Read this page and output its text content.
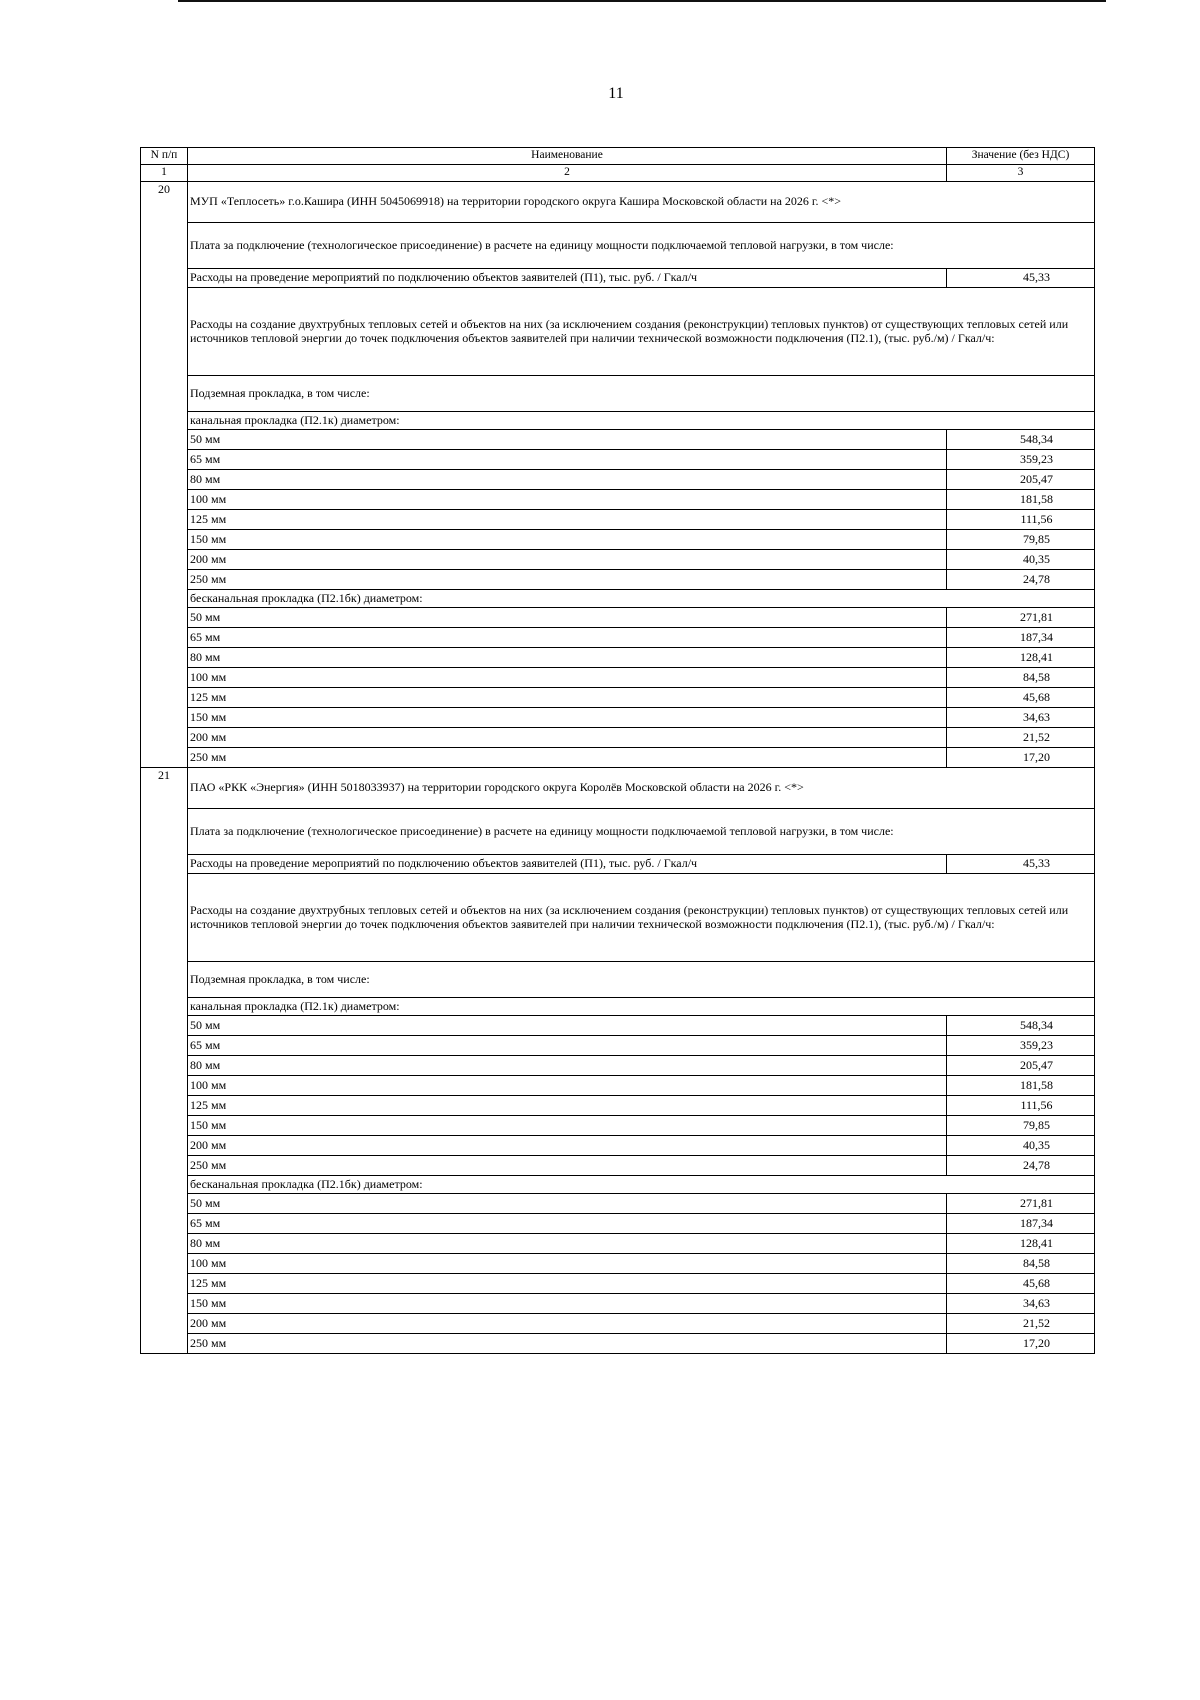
11
N п/п	Наименование	Значение (без НДС)
1	2	3
20	МУП «Теплосеть» г.о.Кашира (ИНН 5045069918) на территории городского округа Кашира Московской области на 2026 г. <*>	
	Плата за подключение (технологическое присоединение) в расчете на единицу мощности подключаемой тепловой нагрузки, в том числе:	
	Расходы на проведение мероприятий по подключению объектов заявителей (П1), тыс. руб. / Гкал/ч	45,33
	Расходы на создание двухтрубных тепловых сетей и объектов на них (за исключением создания (реконструкции) тепловых пунктов) от существующих тепловых сетей или источников тепловой энергии до точек подключения объектов заявителей при наличии технической возможности подключения (П2.1), (тыс. руб./м) / Гкал/ч:	
	Подземная прокладка, в том числе:	
	канальная прокладка (П2.1к) диаметром:	
	50 мм	548,34
	65 мм	359,23
	80 мм	205,47
	100 мм	181,58
	125 мм	111,56
	150 мм	79,85
	200 мм	40,35
	250 мм	24,78
	бесканальная прокладка (П2.1бк) диаметром:	
	50 мм	271,81
	65 мм	187,34
	80 мм	128,41
	100 мм	84,58
	125 мм	45,68
	150 мм	34,63
	200 мм	21,52
	250 мм	17,20
21	ПАО «РКК «Энергия» (ИНН 5018033937) на территории городского округа Королёв Московской области на 2026 г. <*>	
	Плата за подключение (технологическое присоединение) в расчете на единицу мощности подключаемой тепловой нагрузки, в том числе:	
	Расходы на проведение мероприятий по подключению объектов заявителей (П1), тыс. руб. / Гкал/ч	45,33
	Расходы на создание двухтрубных тепловых сетей и объектов на них (за исключением создания (реконструкции) тепловых пунктов) от существующих тепловых сетей или источников тепловой энергии до точек подключения объектов заявителей при наличии технической возможности подключения (П2.1), (тыс. руб./м) / Гкал/ч:	
	Подземная прокладка, в том числе:	
	канальная прокладка (П2.1к) диаметром:	
	50 мм	548,34
	65 мм	359,23
	80 мм	205,47
	100 мм	181,58
	125 мм	111,56
	150 мм	79,85
	200 мм	40,35
	250 мм	24,78
	бесканальная прокладка (П2.1бк) диаметром:	
	50 мм	271,81
	65 мм	187,34
	80 мм	128,41
	100 мм	84,58
	125 мм	45,68
	150 мм	34,63
	200 мм	21,52
	250 мм	17,20
